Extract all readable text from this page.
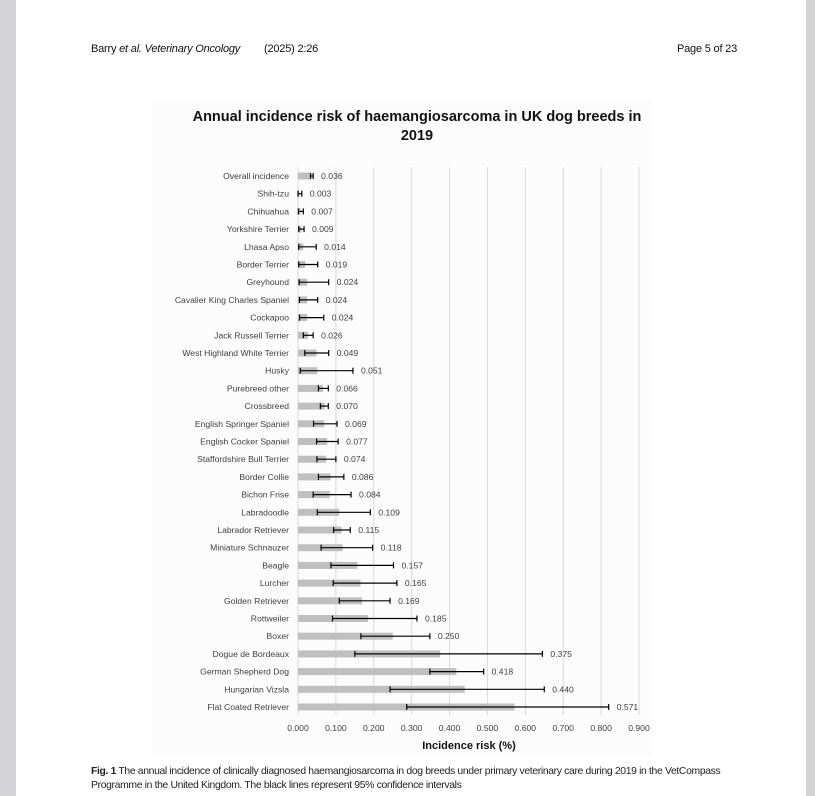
Barry et al. Veterinary Oncology (2025) 2:26	Page 5 of 23
Annual incidence risk of haemangiosarcoma in UK dog breeds in
2019
Overall incidence
Shih-tzu
Chihuahua
Yorkshire Terrier
Lhasa Apso
Border Terrier
Greyhound
Cavalier King Charles Spaniel
Cockapoo
Jack Russell Terrier
West Highland White Terrier
Husky
Purebreed other
Crossbreed
English Springer Spaniel
English Cocker Spaniel
Staffordshire Bull Terrier
Border Collie
Bichon Frise
Labradoodle
Labrador Retriever
Miniature Schnauzer
Beagle
Lurcher
Golden Retriever
Rottweiler
Boxer
Dogue de Bordeaux
German Shepherd Dog
Hungarian Vizsla
Flat Coated Retriever
0.036
0.003
0.007
0.009
0.014
0.019
0.024
0.024
0.024
0.026
0.049
0.051
0.066
0.070
0.069
0.077
0.074
0.086
0.084
0.109
0.115
0.118
0.157
0.165
0.169
0.185
0.250
0.375
0.418
0.440
0.571
0.000 0.100 0.200 0.300 0.400 0.500 0.600 0.700 0.800 0.900
Incidence risk (%)
Fig. 1 The annual incidence of clinically diagnosed haemangiosarcoma in dog breeds under primary veterinary care during 2019 in the VetCompass Programme in the United Kingdom. The black lines represent 95% confidence intervals
